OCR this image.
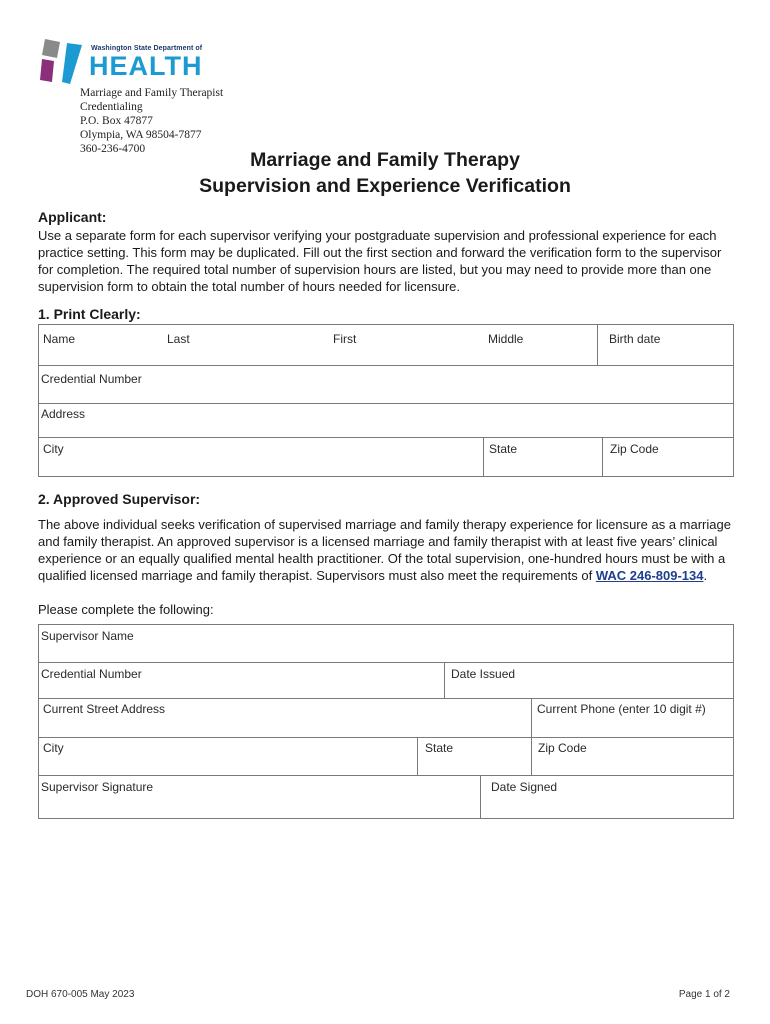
Washington State Department of
HEALTH
Marriage and Family Therapist
Credentialing
P.O. Box 47877
Olympia, WA 98504-7877
360-236-4700	Marriage and Family Therapy
Supervision and Experience Verification
Applicant:
Use a separate form for each supervisor verifying your postgraduate supervision and professional experience for each practice setting. This form may be duplicated. Fill out the first section and forward the verification form to the supervisor for completion. The required total number of supervision hours are listed, but you may need to provide more than one supervision form to obtain the total number of hours needed for licensure.
1. Print Clearly:
Name	Last	First	Middle	Birth date
Credential Number
Address
City	State	Zip Code
2. Approved Supervisor:
The above individual seeks verification of supervised marriage and family therapy experience for licensure as a marriage and family therapist. An approved supervisor is a licensed marriage and family therapist with at least five years’ clinical experience or an equally qualified mental health practitioner. Of the total supervision, one-hundred hours must be with a qualified licensed marriage and family therapist. Supervisors must also meet the requirements of WAC 246-809-134.
Please complete the following:
Supervisor Name
Credential Number	Date Issued
Current Street Address	Current Phone (enter 10 digit #)
City	State	Zip Code
Supervisor Signature	Date Signed
DOH 670-005 May 2023	Page 1 of 2
